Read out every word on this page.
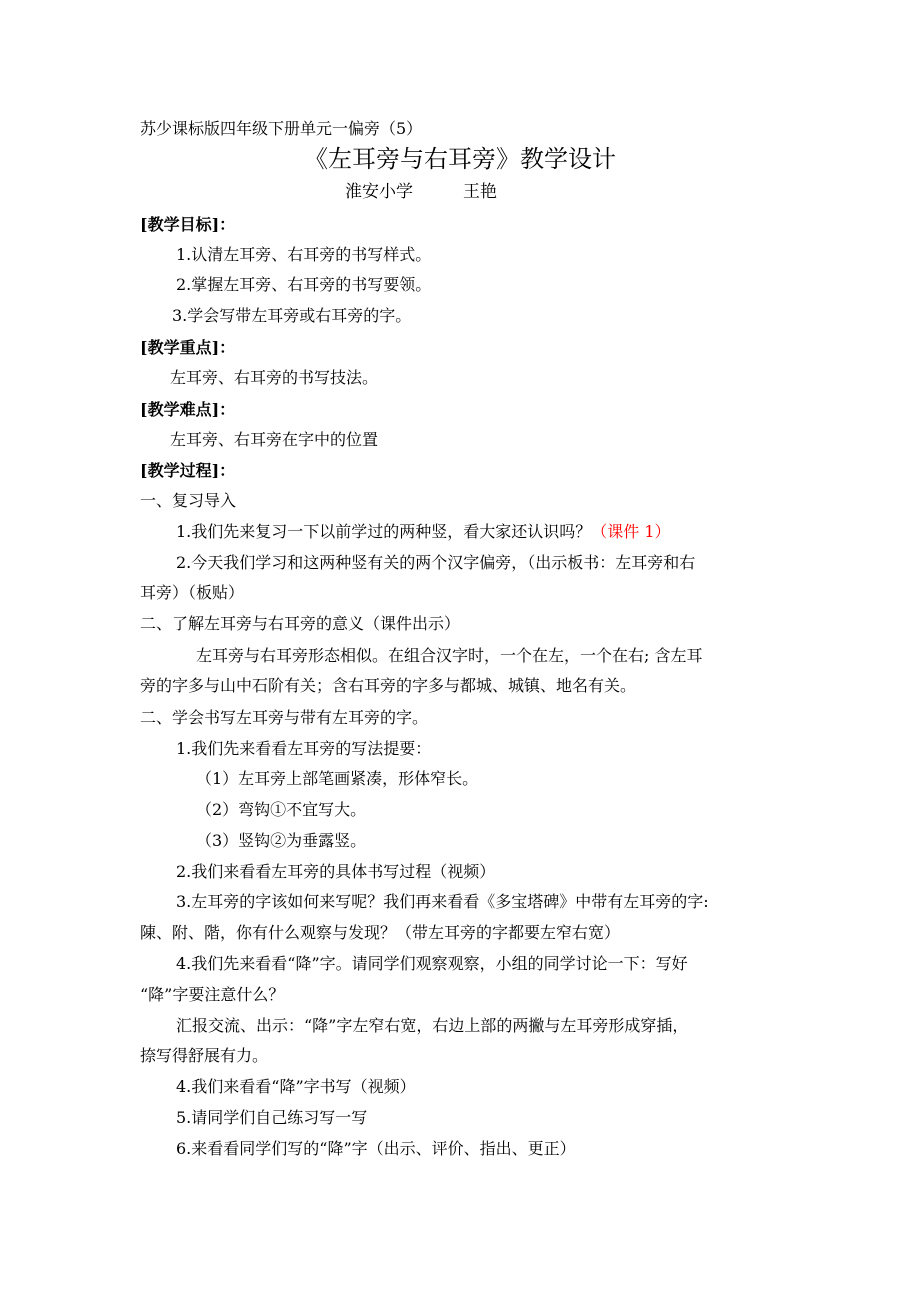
苏少课标版四年级下册单元一偏旁（5）
《左耳旁与右耳旁》教学设计
淮安小学	王艳
[教学目标]：
1.认清左耳旁、右耳旁的书写样式。
2.掌握左耳旁、右耳旁的书写要领。
3.学会写带左耳旁或右耳旁的字。
[教学重点]：
左耳旁、右耳旁的书写技法。
[教学难点]：
左耳旁、右耳旁在字中的位置
[教学过程]：
一、复习导入
1.我们先来复习一下以前学过的两种竖，看大家还认识吗？（课件 1）
2.今天我们学习和这两种竖有关的两个汉字偏旁，（出示板书：左耳旁和右
耳旁）（板贴）
二、了解左耳旁与右耳旁的意义（课件出示）
左耳旁与右耳旁形态相似。在组合汉字时，一个在左，一个在右; 含左耳
旁的字多与山中石阶有关；含右耳旁的字多与都城、城镇、地名有关。
二、学会书写左耳旁与带有左耳旁的字。
1.我们先来看看左耳旁的写法提要：
（1）左耳旁上部笔画紧凑，形体窄长。
（2）弯钩①不宜写大。
（3）竖钩②为垂露竖。
2.我们来看看左耳旁的具体书写过程（视频）
3.左耳旁的字该如何来写呢？我们再来看看《多宝塔碑》中带有左耳旁的字:
陳、附、階，你有什么观察与发现？（带左耳旁的字都要左窄右宽）
4.我们先来看看“降”字。请同学们观察观察，小组的同学讨论一下：写好
“降”字要注意什么？
汇报交流、出示：“降”字左窄右宽，右边上部的两撇与左耳旁形成穿插，
捺写得舒展有力。
4.我们来看看“降”字书写（视频）
5.请同学们自己练习写一写
6.来看看同学们写的“降”字（出示、评价、指出、更正）
